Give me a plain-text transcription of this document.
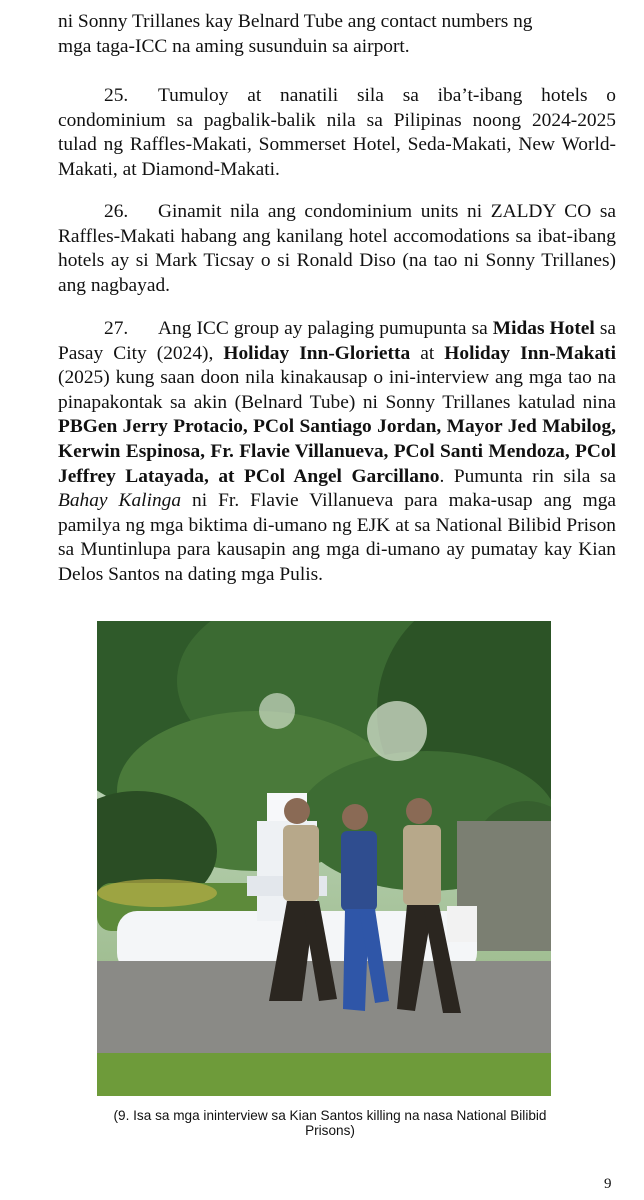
ni Sonny Trillanes kay Belnard Tube ang contact numbers ng
mga taga-ICC na aming susunduin sa airport.

25. Tumuloy at nanatili sila sa iba’t-ibang hotels o condominium sa pagbalik-balik nila sa Pilipinas noong 2024-2025 tulad ng Raffles-Makati, Sommerset Hotel, Seda-Makati, New World-Makati, at Diamond-Makati.

26. Ginamit nila ang condominium units ni ZALDY CO sa Raffles-Makati habang ang kanilang hotel accomodations sa ibat-ibang hotels ay si Mark Ticsay o si Ronald Diso (na tao ni Sonny Trillanes) ang nagbayad.

27. Ang ICC group ay palaging pumupunta sa Midas Hotel sa Pasay City (2024), Holiday Inn-Glorietta at Holiday Inn-Makati (2025) kung saan doon nila kinakausap o ini-interview ang mga tao na pinapakontak sa akin (Belnard Tube) ni Sonny Trillanes katulad nina PBGen Jerry Protacio, PCol Santiago Jordan, Mayor Jed Mabilog, Kerwin Espinosa, Fr. Flavie Villanueva, PCol Santi Mendoza, PCol Jeffrey Latayada, at PCol Angel Garcillano. Pumunta rin sila sa Bahay Kalinga ni Fr. Flavie Villanueva para maka-usap ang mga pamilya ng mga biktima di-umano ng EJK at sa National Bilibid Prison sa Muntinlupa para kausapin ang mga di-umano ay pumatay kay Kian Delos Santos na dating mga Pulis.

(9. Isa sa mga ininterview sa Kian Santos killing na nasa National Bilibid Prisons)

9
